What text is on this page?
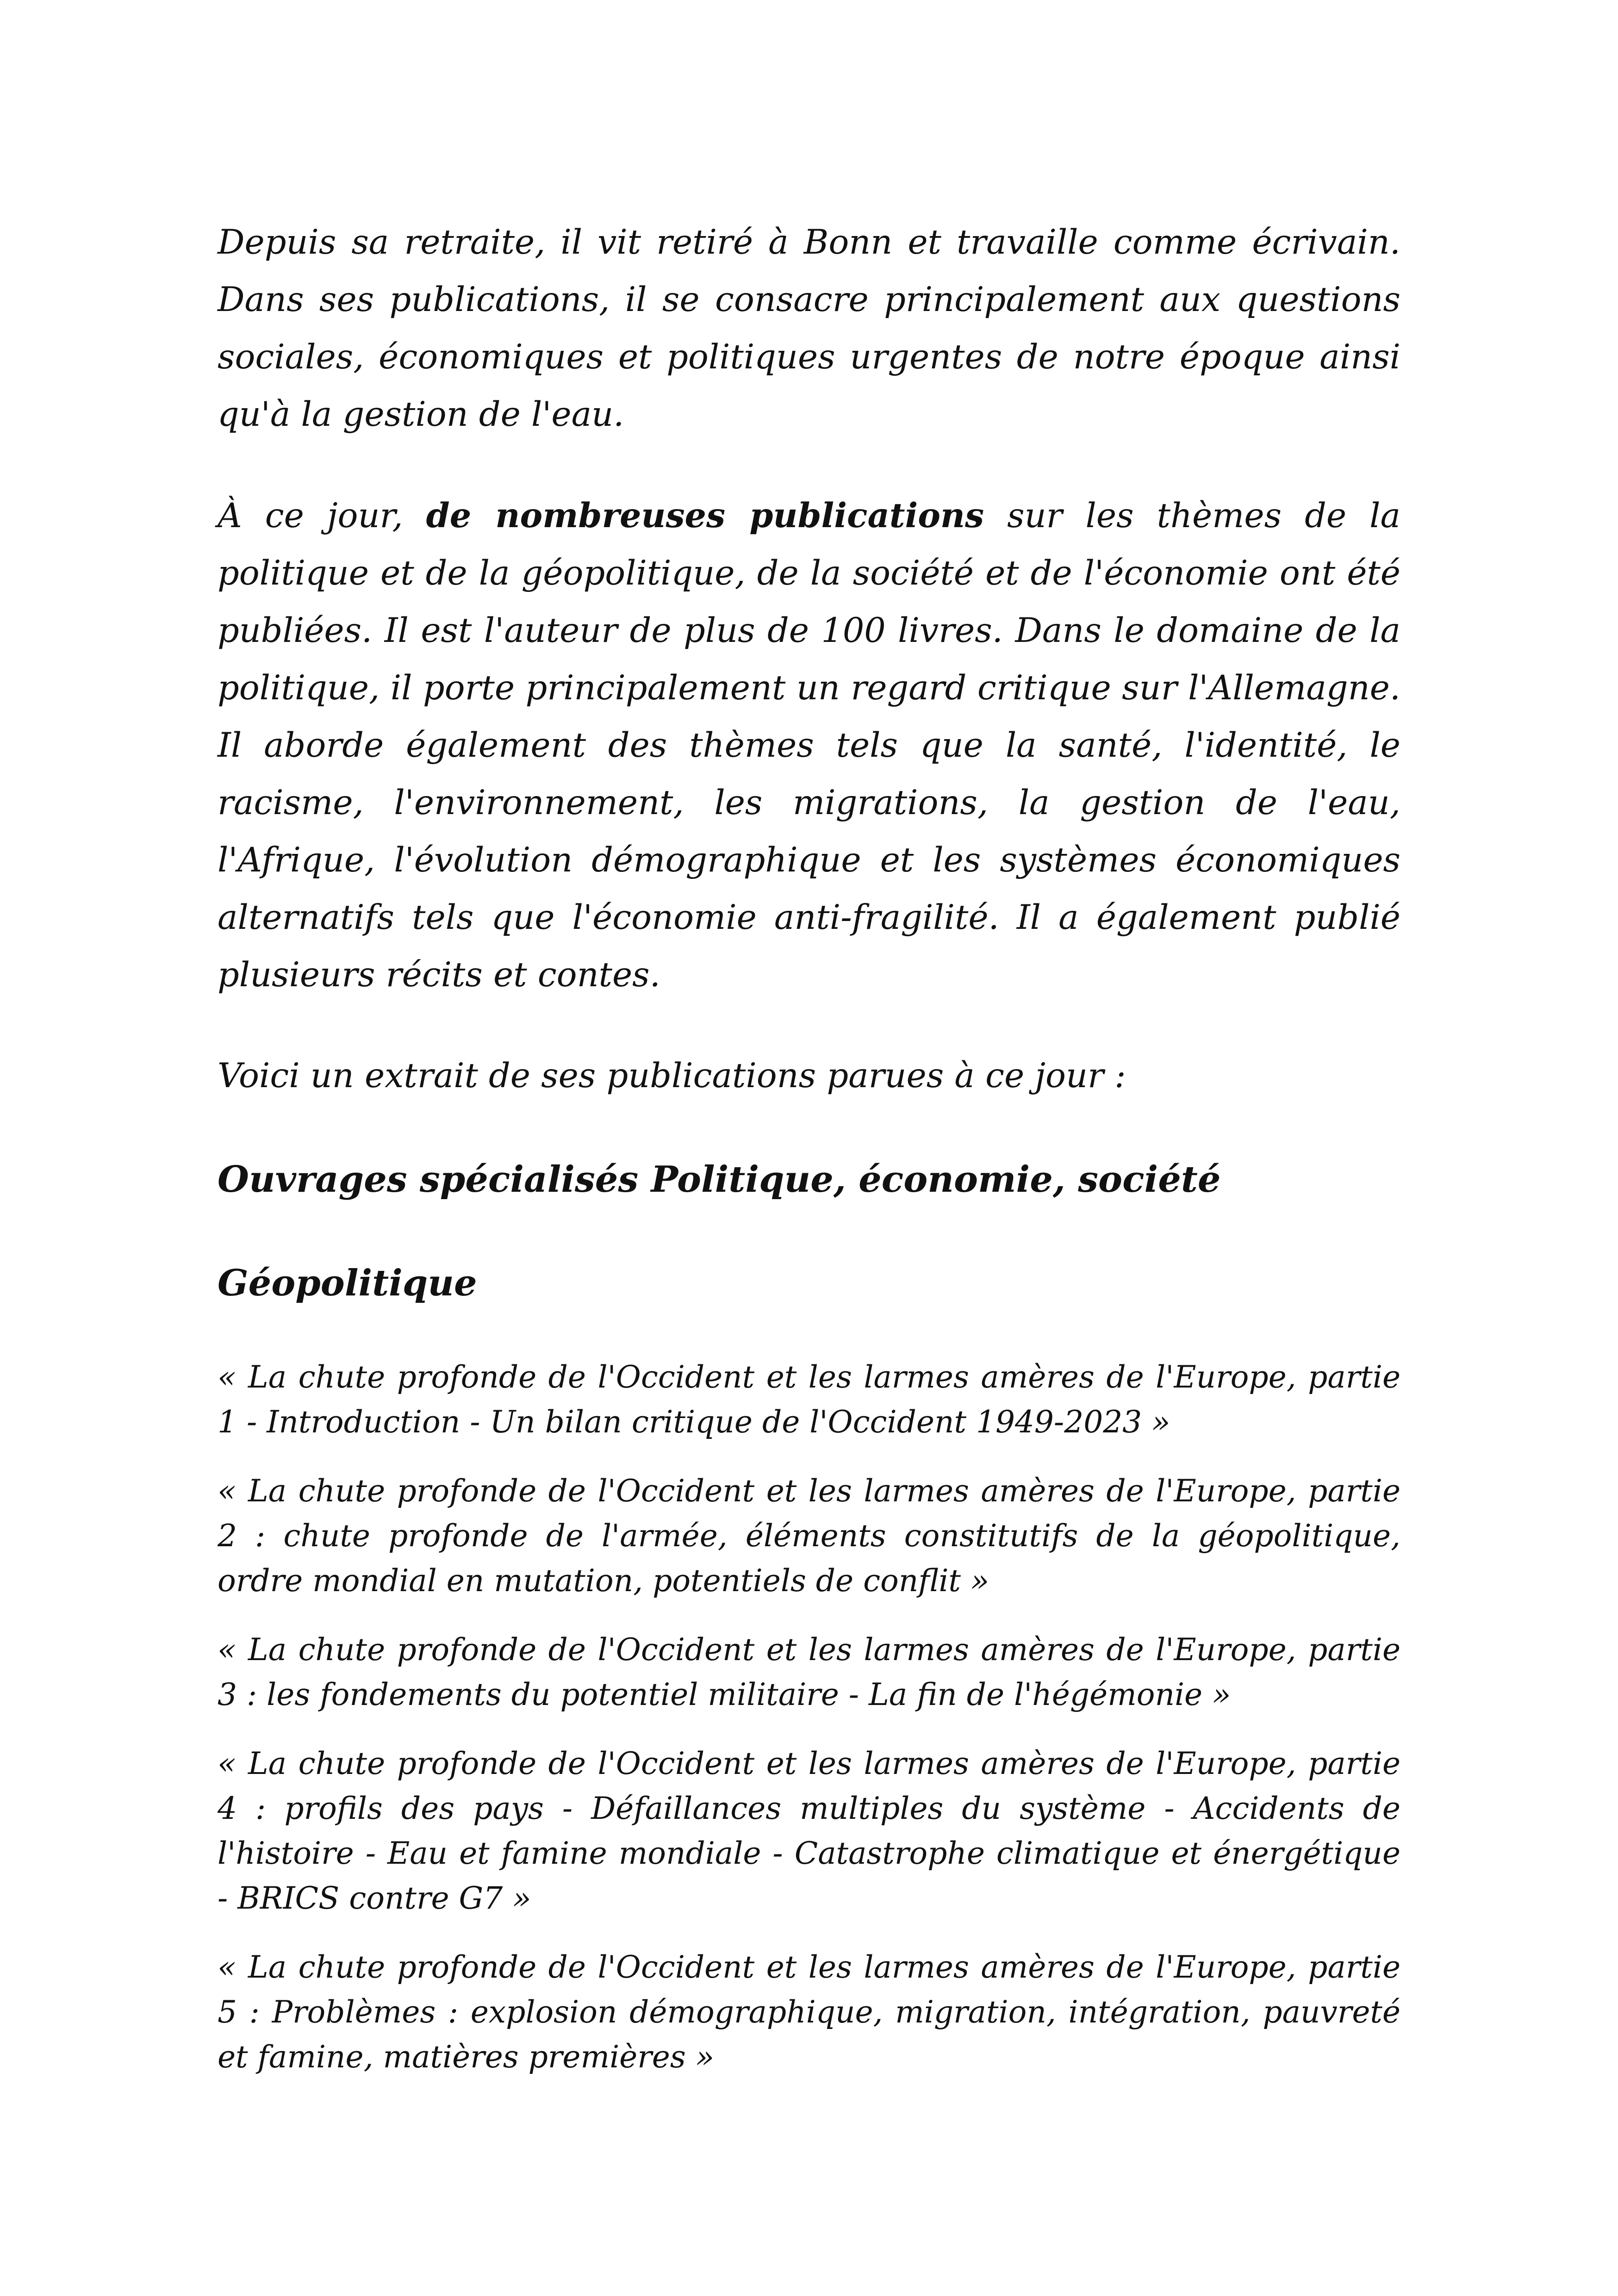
Depuis sa retraite, il vit retiré à Bonn et travaille comme écrivain. Dans ses publications, il se consacre principalement aux questions sociales, économiques et politiques urgentes de notre époque ainsi qu'à la gestion de l'eau.

À ce jour, de nombreuses publications sur les thèmes de la politique et de la géopolitique, de la société et de l'économie ont été publiées. Il est l'auteur de plus de 100 livres. Dans le domaine de la politique, il porte principalement un regard critique sur l'Allemagne. Il aborde également des thèmes tels que la santé, l'identité, le racisme, l'environnement, les migrations, la gestion de l'eau, l'Afrique, l'évolution démographique et les systèmes économiques alternatifs tels que l'économie anti-fragilité. Il a également publié plusieurs récits et contes.

Voici un extrait de ses publications parues à ce jour :

Ouvrages spécialisés Politique, économie, société
Géopolitique

« La chute profonde de l'Occident et les larmes amères de l'Europe, partie 1 - Introduction - Un bilan critique de l'Occident 1949-2023 »

« La chute profonde de l'Occident et les larmes amères de l'Europe, partie 2 : chute profonde de l'armée, éléments constitutifs de la géopolitique, ordre mondial en mutation, potentiels de conflit »

« La chute profonde de l'Occident et les larmes amères de l'Europe, partie 3 : les fondements du potentiel militaire - La fin de l'hégémonie »

« La chute profonde de l'Occident et les larmes amères de l'Europe, partie 4 : profils des pays - Défaillances multiples du système - Accidents de l'histoire - Eau et famine mondiale - Catastrophe climatique et énergétique - BRICS contre G7 »

« La chute profonde de l'Occident et les larmes amères de l'Europe, partie 5 : Problèmes : explosion démographique, migration, intégration, pauvreté et famine, matières premières »
